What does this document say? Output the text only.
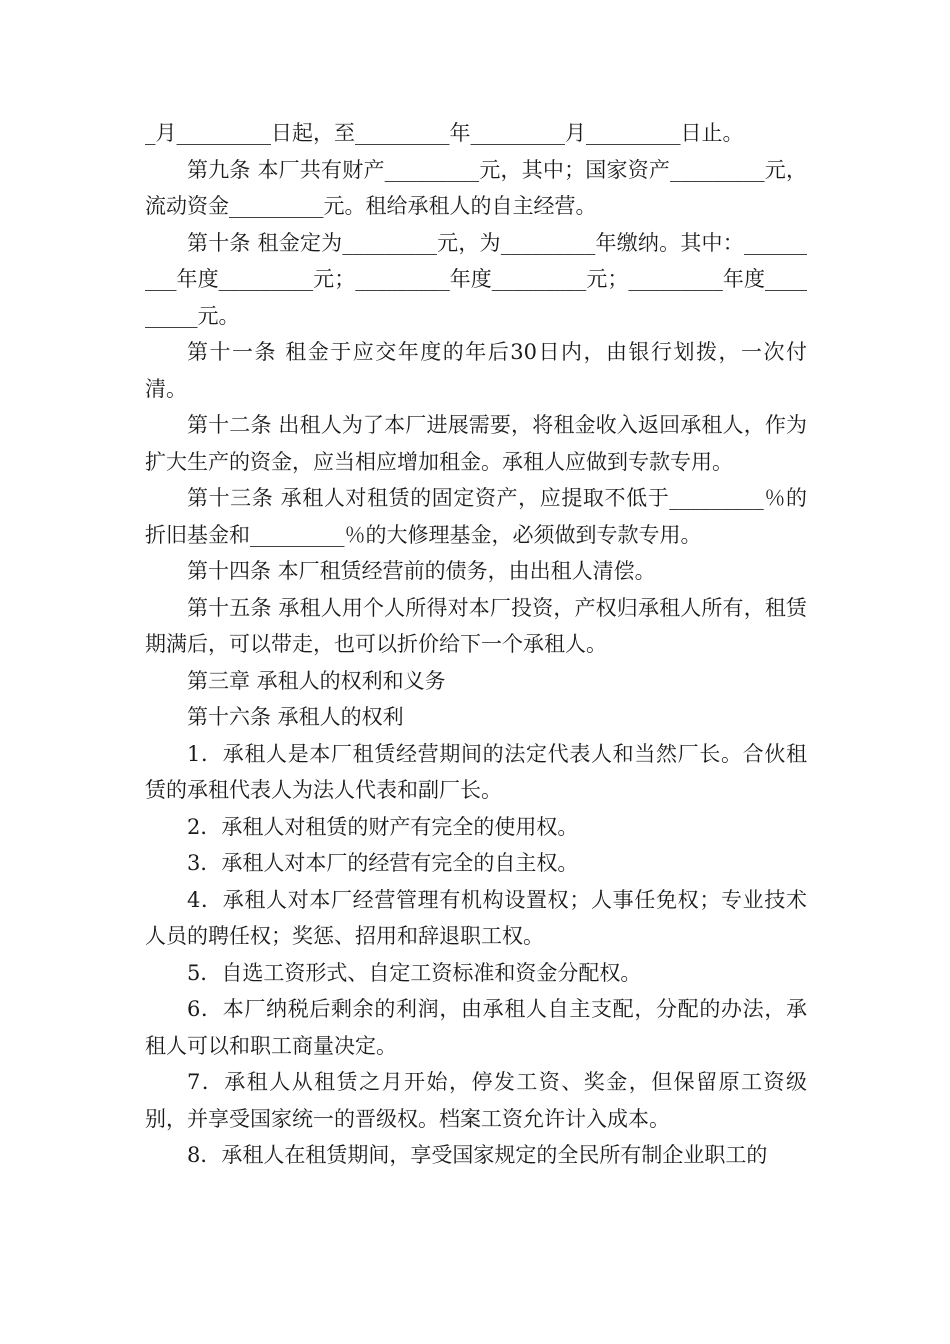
_月_________日起，至_________年_________月_________日止。

第九条 本厂共有财产_________元，其中；国家资产_________元，流动资金_________元。租给承租人的自主经营。

第十条 租金定为_________元，为_________年缴纳。其中：_________年度_________元；_________年度_________元；_________年度_________元。

第十一条 租金于应交年度的年后30日内，由银行划拨，一次付清。

第十二条 出租人为了本厂进展需要，将租金收入返回承租人，作为扩大生产的资金，应当相应增加租金。承租人应做到专款专用。

第十三条 承租人对租赁的固定资产，应提取不低于_________％的折旧基金和_________％的大修理基金，必须做到专款专用。

第十四条 本厂租赁经营前的债务，由出租人清偿。

第十五条 承租人用个人所得对本厂投资，产权归承租人所有，租赁期满后，可以带走，也可以折价给下一个承租人。

第三章 承租人的权利和义务

第十六条 承租人的权利

1．承租人是本厂租赁经营期间的法定代表人和当然厂长。合伙租赁的承租代表人为法人代表和副厂长。

2．承租人对租赁的财产有完全的使用权。

3．承租人对本厂的经营有完全的自主权。

4．承租人对本厂经营管理有机构设置权；人事任免权；专业技术人员的聘任权；奖惩、招用和辞退职工权。

5．自选工资形式、自定工资标准和资金分配权。

6．本厂纳税后剩余的利润，由承租人自主支配，分配的办法，承租人可以和职工商量决定。

7．承租人从租赁之月开始，停发工资、奖金，但保留原工资级别，并享受国家统一的晋级权。档案工资允许计入成本。

8．承租人在租赁期间，享受国家规定的全民所有制企业职工的
